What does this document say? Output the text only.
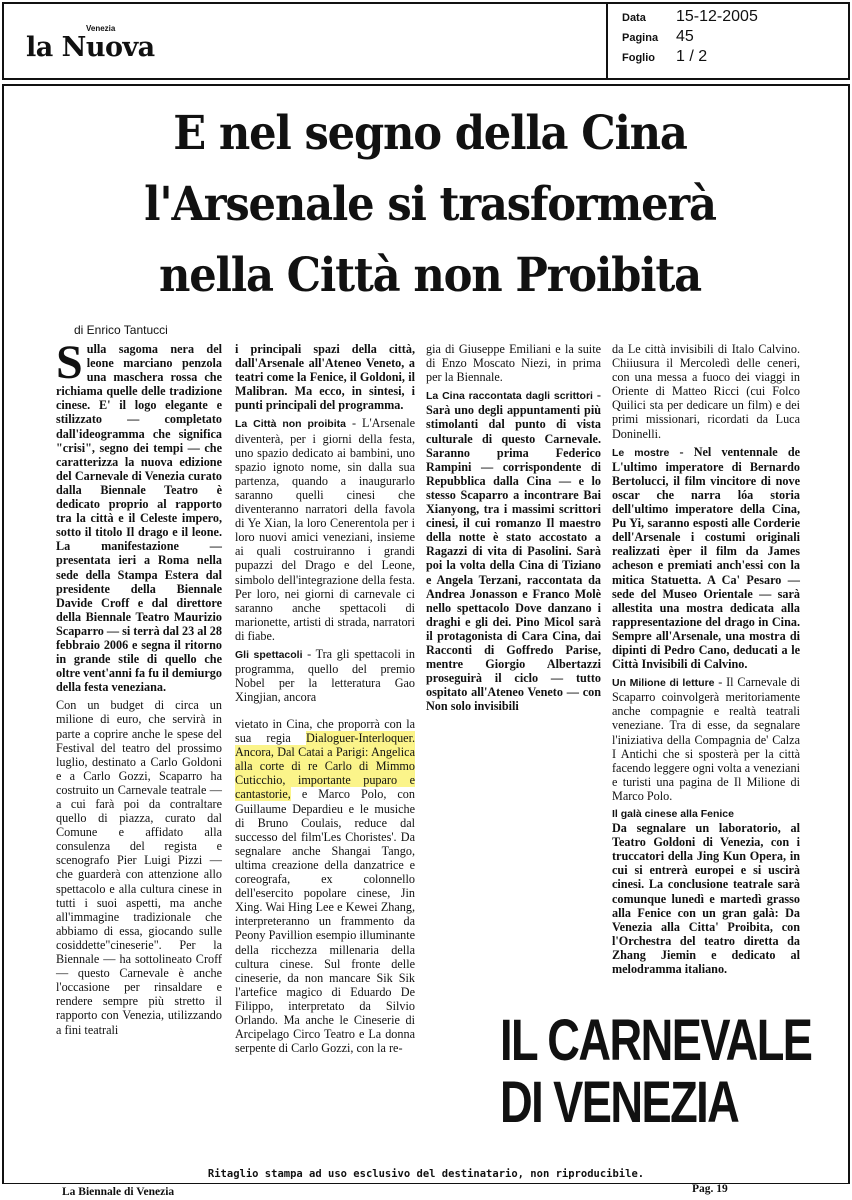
Venezia
la Nuova
Data 15-12-2005
Pagina 45
Foglio 1 / 2
E nel segno della Cina
l'Arsenale si trasformerà
nella Città non Proibita
di Enrico Tantucci

Sulla sagoma nera del leone marciano penzola una maschera rossa che richiama quelle delle tradizione cinese. E' il logo elegante e stilizzato — completato dall'ideogramma che significa "crisi", segno dei tempi — che caratterizza la nuova edizione del Carnevale di Venezia curato dalla Biennale Teatro è dedicato proprio al rapporto tra la città e il Celeste impero, sotto il titolo Il drago e il leone. La manifestazione — presentata ieri a Roma nella sede della Stampa Estera dal presidente della Biennale Davide Croff e dal direttore della Biennale Teatro Maurizio Scaparro — si terrà dal 23 al 28 febbraio 2006 e segna il ritorno in grande stile di quello che oltre vent'anni fa fu il demiurgo della festa veneziana.

Con un budget di circa un milione di euro, che servirà in parte a coprire anche le spese del Festival del teatro del prossimo luglio, destinato a Carlo Goldoni e a Carlo Gozzi, Scaparro ha costruito un Carnevale teatrale — a cui farà poi da contraltare quello di piazza, curato dal Comune e affidato alla consulenza del regista e scenografo Pier Luigi Pizzi — che guarderà con attenzione allo spettacolo e alla cultura cinese in tutti i suoi aspetti, ma anche all'immagine tradizionale che abbiamo di essa, giocando sulle cosiddette"cineserie". Per la Biennale — ha sottolineato Croff — questo Carnevale è anche l'occasione per rinsaldare e rendere sempre più stretto il rapporto con Venezia, utilizzando a fini teatrali

i principali spazi della città, dall'Arsenale all'Ateneo Veneto, a teatri come la Fenice, il Goldoni, il Malibran. Ma ecco, in sintesi, i punti principali del programma.

La Città non proibita - L'Arsenale diventerà, per i giorni della festa, uno spazio dedicato ai bambini, uno spazio ignoto nome, sin dalla sua partenza, quando a inaugurarlo saranno quelli cinesi che diventeranno narratori della favola di Ye Xian, la loro Cenerentola per i loro nuovi amici veneziani, insieme ai quali costruiranno i grandi pupazzi del Drago e del Leone, simbolo dell'integrazione della festa. Per loro, nei giorni di carnevale ci saranno anche spettacoli di marionette, artisti di strada, narratori di fiabe.

Gli spettacoli - Tra gli spettacoli in programma, quello del premio Nobel per la letteratura Gao Xingjian, ancora

vietato in Cina, che proporrà con la sua regia Dialoguer-Interloquer. Ancora, Dal Catai a Parigi: Angelica alla corte di re Carlo di Mimmo Cuticchio, importante puparo e cantastorie, e Marco Polo, con Guillaume Depardieu e le musiche di Bruno Coulais, reduce dal successo del film'Les Choristes'. Da segnalare anche Shangai Tango, ultima creazione della danzatrice e coreografa, ex colonnello dell'esercito popolare cinese, Jin Xing. Wai Hing Lee e Kewei Zhang, interpreteranno un frammento da Peony Pavillion esempio illuminante della ricchezza millenaria della cultura cinese. Sul fronte delle cineserie, da non mancare Sik Sik l'artefice magico di Eduardo De Filippo, interpretato da Silvio Orlando. Ma anche le Cineserie di Arcipelago Circo Teatro e La donna serpente di Carlo Gozzi, con la re-

gia di Giuseppe Emiliani e la suite di Enzo Moscato Niezi, in prima per la Biennale.

La Cina raccontata dagli scrittori - Sarà uno degli appuntamenti più stimolanti dal punto di vista culturale di questo Carnevale. Saranno prima Federico Rampini — corrispondente di Repubblica dalla Cina — e lo stesso Scaparro a incontrare Bai Xianyong, tra i massimi scrittori cinesi, il cui romanzo Il maestro della notte è stato accostato a Ragazzi di vita di Pasolini. Sarà poi la volta della Cina di Tiziano e Angela Terzani, raccontata da Andrea Jonasson e Franco Molè nello spettacolo Dove danzano i draghi e gli dei. Pino Micol sarà il protagonista di Cara Cina, dai Racconti di Goffredo Parise, mentre Giorgio Albertazzi proseguirà il ciclo — tutto ospitato all'Ateneo Veneto — con Non solo invisibili

da Le città invisibili di Italo Calvino. Chiiusura il Mercoledì delle ceneri, con una messa a fuoco dei viaggi in Oriente di Matteo Ricci (cui Folco Quilici sta per dedicare un film) e dei primi missionari, ricordati da Luca Doninelli.

Le mostre - Nel ventennale de L'ultimo imperatore di Bernardo Bertolucci, il film vincitore di nove oscar che narra lóa storia dell'ultimo imperatore della Cina, Pu Yi, saranno esposti alle Corderie dell'Arsenale i costumi originali realizzati èper il film da James acheson e premiati anch'essi con la mitica Statuetta. A Ca' Pesaro — sede del Museo Orientale — sarà allestita una mostra dedicata alla rappresentazione del drago in Cina. Sempre all'Arsenale, una mostra di dipinti di Pedro Cano, deducati a le Città Invisibili di Calvino.

Un Milione di letture - Il Carnevale di Scaparro coinvolgerà meritoriamente anche compagnie e realtà teatrali veneziane. Tra di esse, da segnalare l'iniziativa della Compagnia de' Calza I Antichi che si sposterà per la città facendo leggere ogni volta a veneziani e turisti una pagina de Il Milione di Marco Polo.

Il galà cinese alla Fenice
Da segnalare un laboratorio, al Teatro Goldoni di Venezia, con i truccatori della Jing Kun Opera, in cui si entrerà europei e si uscirà cinesi. La conclusione teatrale sarà comunque lunedì e martedì grasso alla Fenice con un gran galà: Da Venezia alla Citta' Proibita, con l'Orchestra del teatro diretta da Zhang Jiemin e dedicato al melodramma italiano.

IL CARNEVALE
DI VENEZIA
Ritaglio stampa ad uso esclusivo del destinatario, non riproducibile.
La Biennale di Venezia	Pag. 19
